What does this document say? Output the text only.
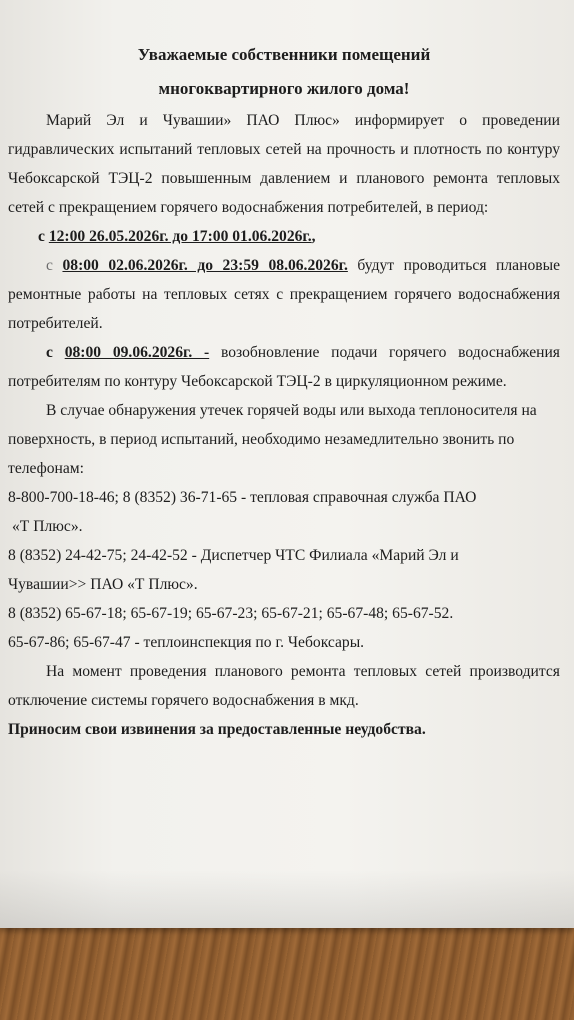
Уважаемые собственники помещений

многоквартирного жилого дома!

Марий Эл и Чувашии» ПАО Плюс» информирует о проведении гидравлических испытаний тепловых сетей на прочность и плотность по контуру Чебоксарской ТЭЦ-2 повышенным давлением и планового ремонта тепловых сетей с прекращением горячего водоснабжения потребителей, в период:

с 12:00 26.05.2026г. до 17:00 01.06.2026г.,

с 08:00 02.06.2026г. до 23:59 08.06.2026г. будут проводиться плановые ремонтные работы на тепловых сетях с прекращением горячего водоснабжения потребителей.

с 08:00 09.06.2026г. - возобновление подачи горячего водоснабжения потребителям по контуру Чебоксарской ТЭЦ-2 в циркуляционном режиме.

В случае обнаружения утечек горячей воды или выхода теплоносителя на поверхность, в период испытаний, необходимо незамедлительно звонить по телефонам:

8-800-700-18-46; 8 (8352) 36-71-65 - тепловая справочная служба ПАО
«Т Плюс».

8 (8352) 24-42-75; 24-42-52 - Диспетчер ЧТС Филиала «Марий Эл и
Чувашии>> ПАО «Т Плюс».

8 (8352) 65-67-18; 65-67-19; 65-67-23; 65-67-21; 65-67-48; 65-67-52.
65-67-86; 65-67-47 - теплоинспекция по г. Чебоксары.

На момент проведения планового ремонта тепловых сетей производится отключение системы горячего водоснабжения в мкд.

Приносим свои извинения за предоставленные неудобства.
